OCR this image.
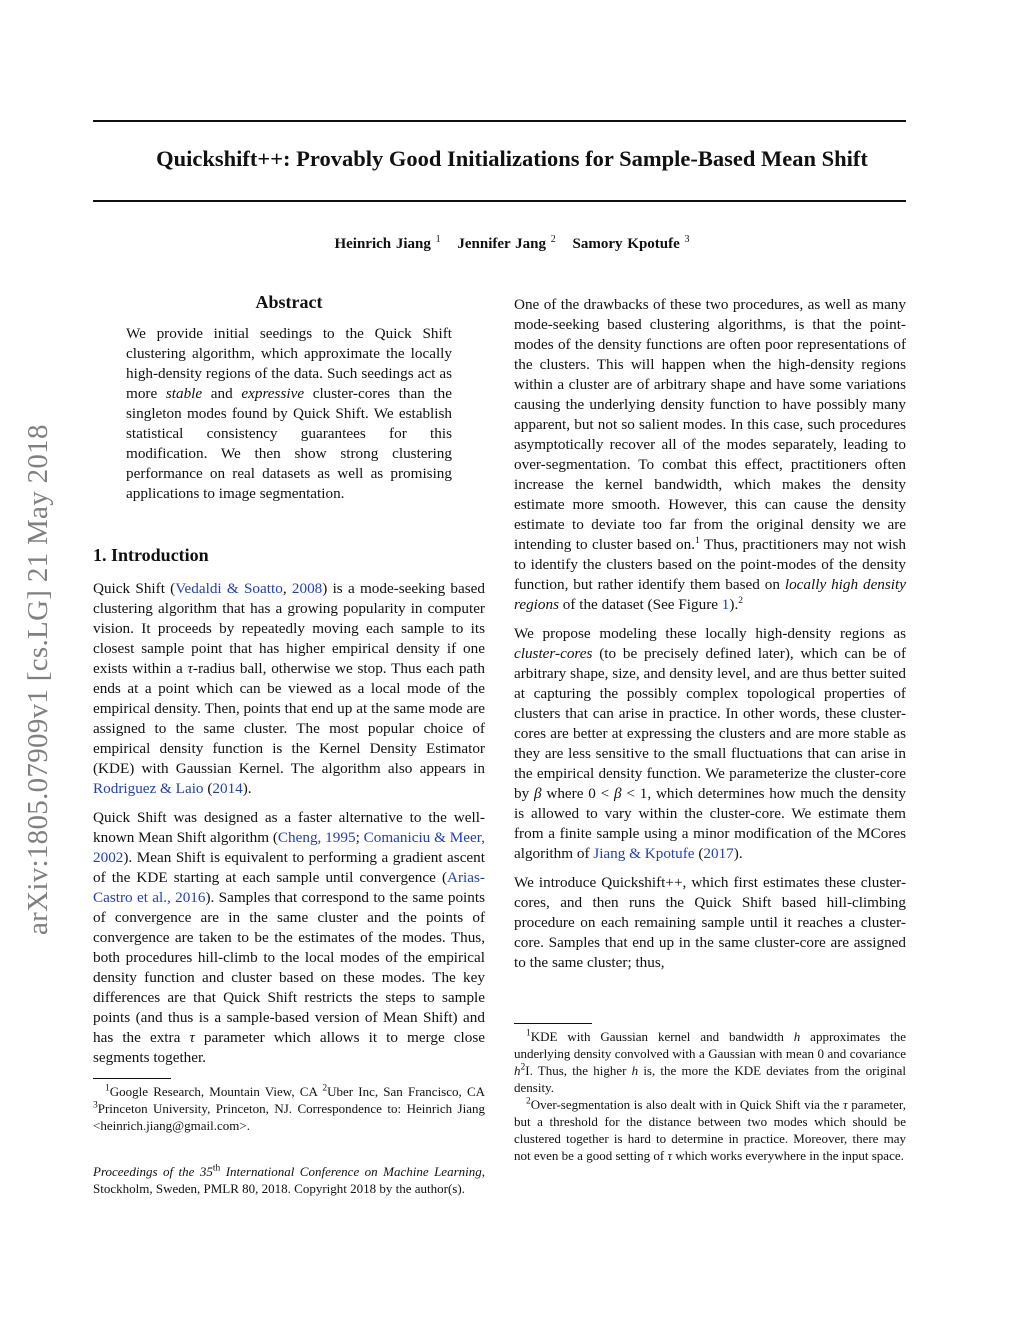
arXiv:1805.07909v1 [cs.LG] 21 May 2018
Quickshift++: Provably Good Initializations for Sample-Based Mean Shift
Heinrich Jiang $^1$ Jennifer Jang $^2$ Samory Kpotufe $^3$
Abstract

We provide initial seedings to the Quick Shift clustering algorithm, which approximate the locally high-density regions of the data. Such seedings act as more stable and expressive cluster-cores than the singleton modes found by Quick Shift. We establish statistical consistency guarantees for this modification. We then show strong clustering performance on real datasets as well as promising applications to image segmentation.

1. Introduction

Quick Shift (Vedaldi & Soatto, 2008) is a mode-seeking based clustering algorithm that has a growing popularity in computer vision. It proceeds by repeatedly moving each sample to its closest sample point that has higher empirical density if one exists within a τ-radius ball, otherwise we stop. Thus each path ends at a point which can be viewed as a local mode of the empirical density. Then, points that end up at the same mode are assigned to the same cluster. The most popular choice of empirical density function is the Kernel Density Estimator (KDE) with Gaussian Kernel. The algorithm also appears in Rodriguez & Laio (2014).

Quick Shift was designed as a faster alternative to the well-known Mean Shift algorithm (Cheng, 1995; Comaniciu & Meer, 2002). Mean Shift is equivalent to performing a gradient ascent of the KDE starting at each sample until convergence (Arias-Castro et al., 2016). Samples that correspond to the same points of convergence are in the same cluster and the points of convergence are taken to be the estimates of the modes. Thus, both procedures hill-climb to the local modes of the empirical density function and cluster based on these modes. The key differences are that Quick Shift restricts the steps to sample points (and thus is a sample-based version of Mean Shift) and has the extra τ parameter which allows it to merge close segments together.

One of the drawbacks of these two procedures, as well as many mode-seeking based clustering algorithms, is that the point-modes of the density functions are often poor representations of the clusters. This will happen when the high-density regions within a cluster are of arbitrary shape and have some variations causing the underlying density function to have possibly many apparent, but not so salient modes. In this case, such procedures asymptotically recover all of the modes separately, leading to over-segmentation. To combat this effect, practitioners often increase the kernel bandwidth, which makes the density estimate more smooth. However, this can cause the density estimate to deviate too far from the original density we are intending to cluster based on.$^1$ Thus, practitioners may not wish to identify the clusters based on the point-modes of the density function, but rather identify them based on locally high density regions of the dataset (See Figure 1).$^2$

We propose modeling these locally high-density regions as cluster-cores (to be precisely defined later), which can be of arbitrary shape, size, and density level, and are thus better suited at capturing the possibly complex topological properties of clusters that can arise in practice. In other words, these cluster-cores are better at expressing the clusters and are more stable as they are less sensitive to the small fluctuations that can arise in the empirical density function. We parameterize the cluster-core by β where 0 < β < 1, which determines how much the density is allowed to vary within the cluster-core. We estimate them from a finite sample using a minor modification of the MCores algorithm of Jiang & Kpotufe (2017).

We introduce Quickshift++, which first estimates these cluster-cores, and then runs the Quick Shift based hill-climbing procedure on each remaining sample until it reaches a cluster-core. Samples that end up in the same cluster-core are assigned to the same cluster; thus,

$^1$Google Research, Mountain View, CA $^2$Uber Inc, San Francisco, CA $^3$Princeton University, Princeton, NJ. Correspondence to: Heinrich Jiang <heinrich.jiang@gmail.com>.

Proceedings of the 35th International Conference on Machine Learning, Stockholm, Sweden, PMLR 80, 2018. Copyright 2018 by the author(s).

$^1$KDE with Gaussian kernel and bandwidth h approximates the underlying density convolved with a Gaussian with mean 0 and covariance $h^2I$. Thus, the higher h is, the more the KDE deviates from the original density.

$^2$Over-segmentation is also dealt with in Quick Shift via the τ parameter, but a threshold for the distance between two modes which should be clustered together is hard to determine in practice. Moreover, there may not even be a good setting of τ which works everywhere in the input space.
